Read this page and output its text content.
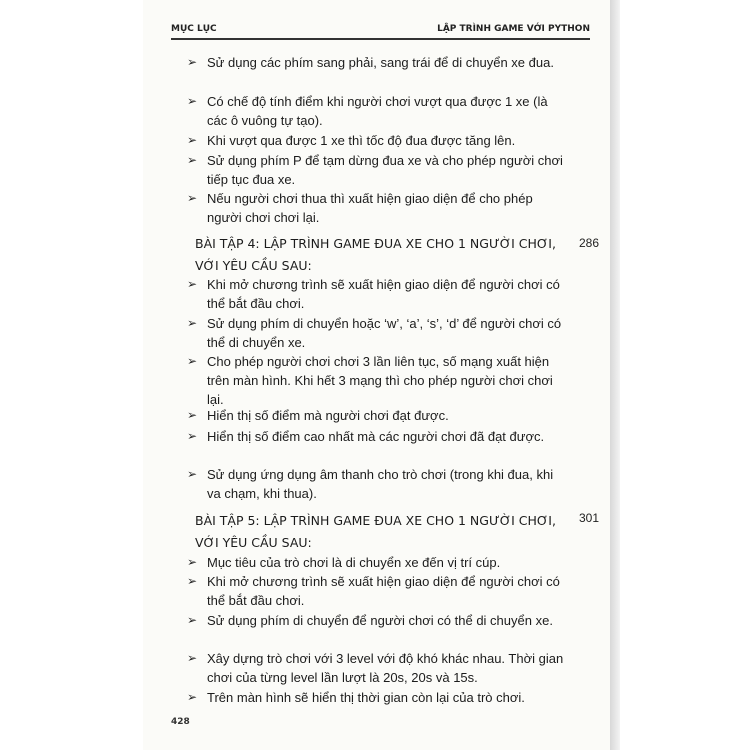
MỤC LỤC	LẬP TRÌNH GAME VỚI PYTHON
➢ Sử dụng các phím sang phải, sang trái để di chuyển xe đua.
➢ Có chế độ tính điểm khi người chơi vượt qua được 1 xe (là các ô vuông tự tạo).
➢ Khi vượt qua được 1 xe thì tốc độ đua được tăng lên.
➢ Sử dụng phím P để tạm dừng đua xe và cho phép người chơi tiếp tục đua xe.
➢ Nếu người chơi thua thì xuất hiện giao diện để cho phép người chơi chơi lại.
BÀI TẬP 4: LẬP TRÌNH GAME ĐUA XE CHO 1 NGƯỜI CHƠI, VỚI YÊU CẦU SAU:
286
➢ Khi mở chương trình sẽ xuất hiện giao diện để người chơi có thể bắt đầu chơi.
➢ Sử dụng phím di chuyển hoặc ‘w’, ‘a’, ‘s’, ‘d’ để người chơi có thể di chuyển xe.
➢ Cho phép người chơi chơi 3 lần liên tục, số mạng xuất hiện trên màn hình. Khi hết 3 mạng thì cho phép người chơi chơi lại.
➢ Hiển thị số điểm mà người chơi đạt được.
➢ Hiển thị số điểm cao nhất mà các người chơi đã đạt được.
➢ Sử dụng ứng dụng âm thanh cho trò chơi (trong khi đua, khi va chạm, khi thua).
BÀI TẬP 5: LẬP TRÌNH GAME ĐUA XE CHO 1 NGƯỜI CHƠI, VỚI YÊU CẦU SAU:
301
➢ Mục tiêu của trò chơi là di chuyển xe đến vị trí cúp.
➢ Khi mở chương trình sẽ xuất hiện giao diện để người chơi có thể bắt đầu chơi.
➢ Sử dụng phím di chuyển để người chơi có thể di chuyển xe.
➢ Xây dựng trò chơi với 3 level với độ khó khác nhau. Thời gian chơi của từng level lần lượt là 20s, 20s và 15s.
➢ Trên màn hình sẽ hiển thị thời gian còn lại của trò chơi.
428
